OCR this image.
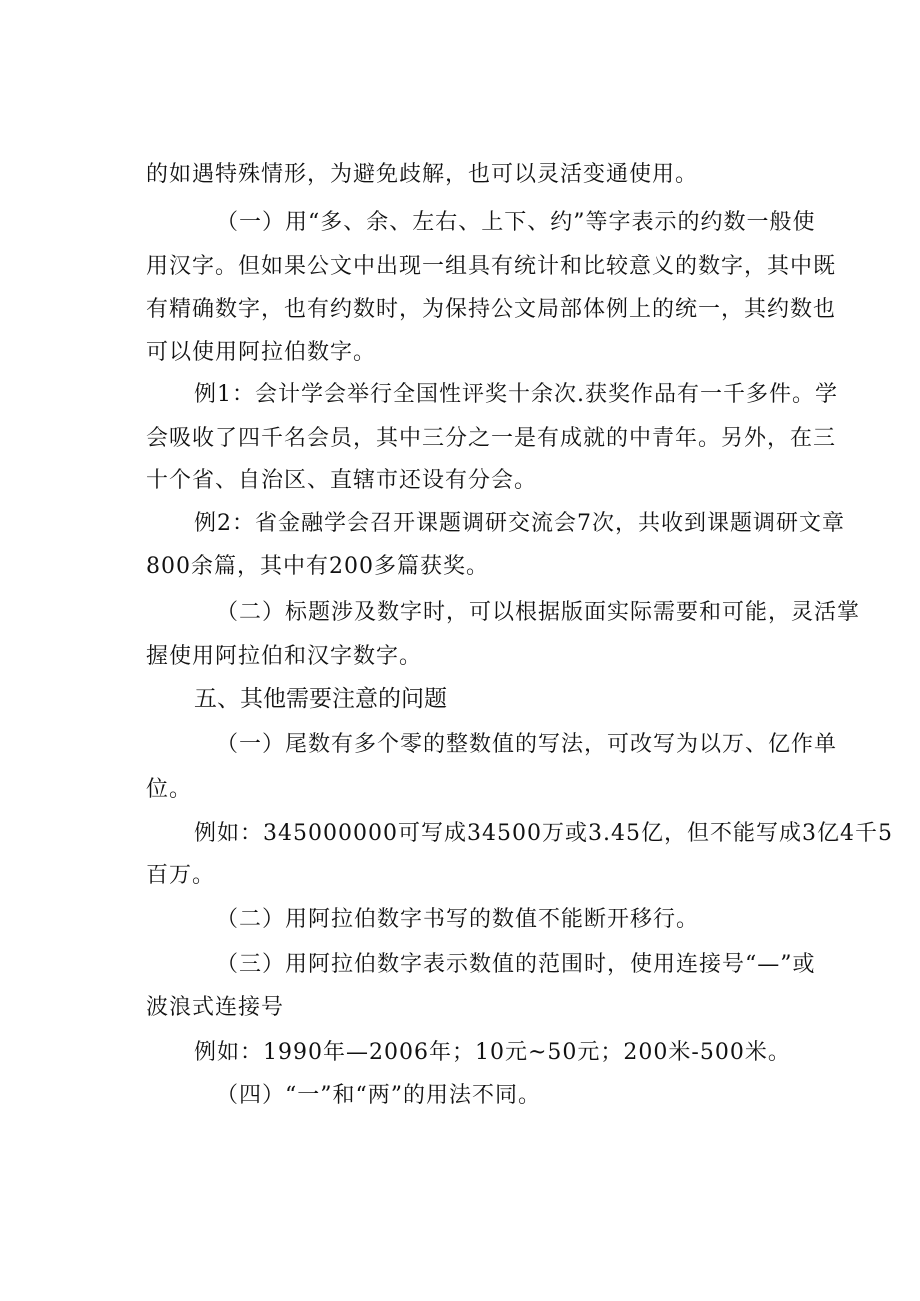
的如遇特殊情形，为避免歧解，也可以灵活变通使用。
（一）用“多、余、左右、上下、约”等字表示的约数一般使
用汉字。但如果公文中出现一组具有统计和比较意义的数字，其中既
有精确数字，也有约数时，为保持公文局部体例上的统一，其约数也
可以使用阿拉伯数字。
例1：会计学会举行全国性评奖十余次.获奖作品有一千多件。学
会吸收了四千名会员，其中三分之一是有成就的中青年。另外，在三
十个省、自治区、直辖市还设有分会。
例2：省金融学会召开课题调研交流会7次，共收到课题调研文章
800余篇，其中有200多篇获奖。
（二）标题涉及数字时，可以根据版面实际需要和可能，灵活掌
握使用阿拉伯和汉字数字。
五、其他需要注意的问题
（一）尾数有多个零的整数值的写法，可改写为以万、亿作单
位。
例如：345000000可写成34500万或3.45亿，但不能写成3亿4千5
百万。
（二）用阿拉伯数字书写的数值不能断开移行。
（三）用阿拉伯数字表示数值的范围时，使用连接号“—”或
波浪式连接号
例如：1990年—2006年；10元~50元；200米-500米。
（四）“一”和“两”的用法不同。
